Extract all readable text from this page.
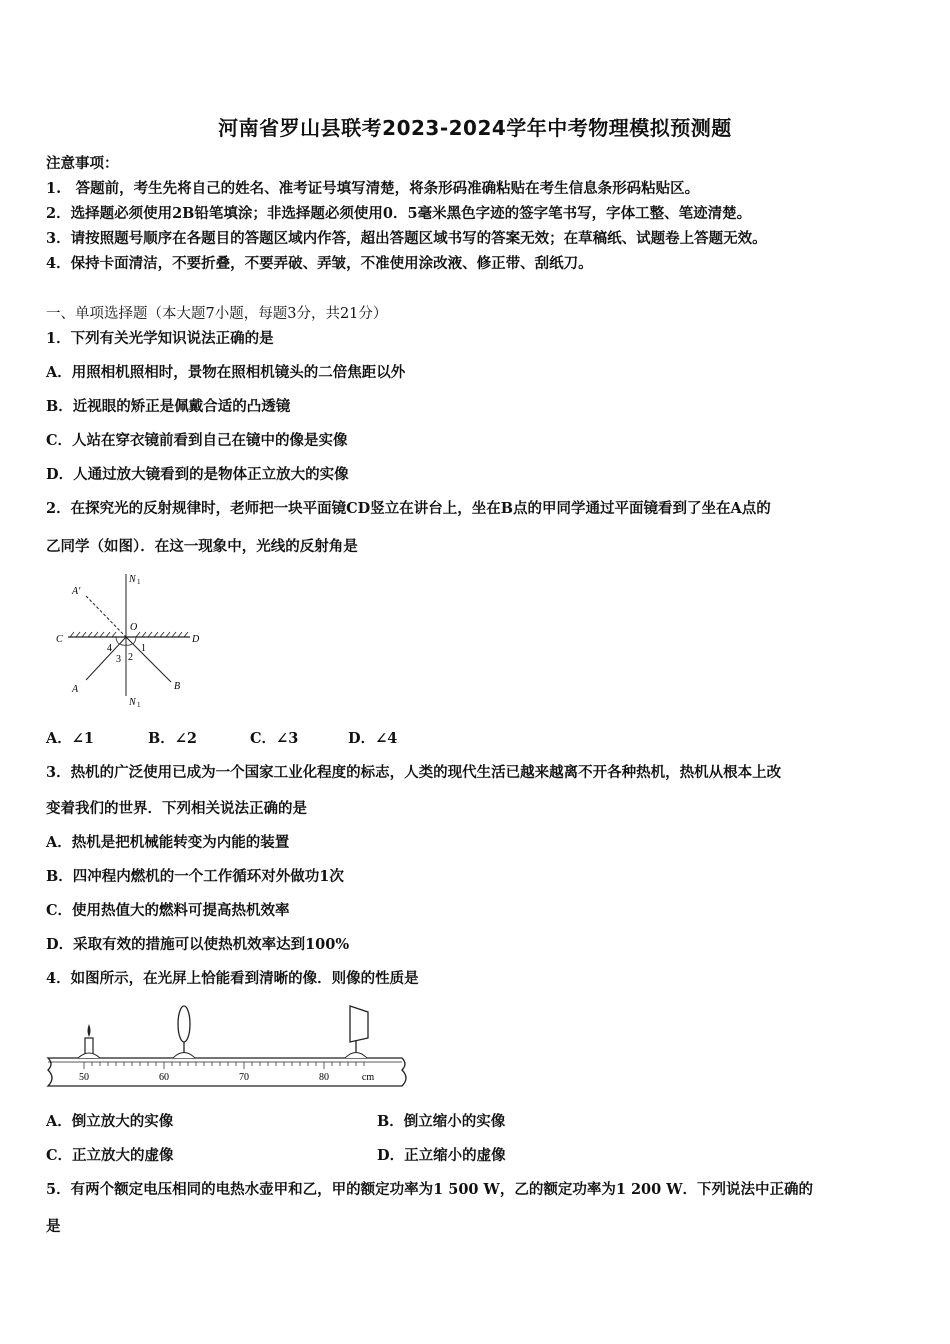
河南省罗山县联考2023-2024学年中考物理模拟预测题
注意事项：
1.　答题前，考生先将自己的姓名、准考证号填写清楚，将条形码准确粘贴在考生信息条形码粘贴区。
2．选择题必须使用2B铅笔填涂；非选择题必须使用0．5毫米黑色字迹的签字笔书写，字体工整、笔迹清楚。
3．请按照题号顺序在各题目的答题区域内作答，超出答题区域书写的答案无效；在草稿纸、试题卷上答题无效。
4．保持卡面清洁，不要折叠，不要弄破、弄皱，不准使用涂改液、修正带、刮纸刀。
一、单项选择题（本大题7小题，每题3分，共21分）
1．下列有关光学知识说法正确的是
A．用照相机照相时，景物在照相机镜头的二倍焦距以外
B．近视眼的矫正是佩戴合适的凸透镜
C．人站在穿衣镜前看到自己在镜中的像是实像
D．人通过放大镜看到的是物体正立放大的实像
2．在探究光的反射规律时，老师把一块平面镜CD竖立在讲台上，坐在B点的甲同学通过平面镜看到了坐在A点的
乙同学（如图）．在这一现象中，光线的反射角是
N 1
A′
O
C	D
4
3 2
1
A	B
N 1
A．∠1	B．∠2	C．∠3	D．∠4
3．热机的广泛使用已成为一个国家工业化程度的标志，人类的现代生活已越来越离不开各种热机，热机从根本上改
变着我们的世界．下列相关说法正确的是
A．热机是把机械能转变为内能的装置
B．四冲程内燃机的一个工作循环对外做功1次
C．使用热值大的燃料可提高热机效率
D．采取有效的措施可以使热机效率达到100%
4．如图所示，在光屏上恰能看到清晰的像．则像的性质是
50	60	70	80	cm
A．倒立放大的实像	B．倒立缩小的实像
C．正立放大的虚像	D．正立缩小的虚像
5．有两个额定电压相同的电热水壶甲和乙，甲的额定功率为1 500 W，乙的额定功率为1 200 W．下列说法中正确的
是
